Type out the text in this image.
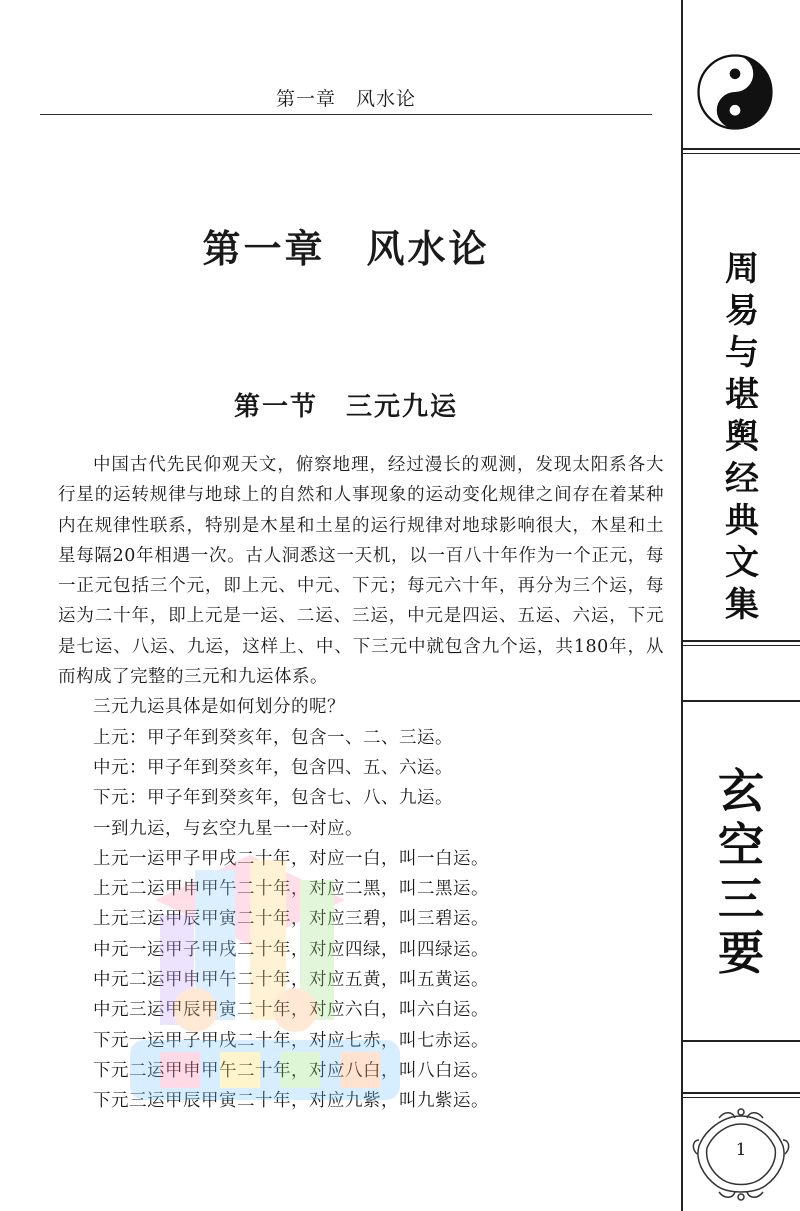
第一章　风水论
第一章　风水论
第一节　三元九运

中国古代先民仰观天文，俯察地理，经过漫长的观测，发现太阳系各大行星的运转规律与地球上的自然和人事现象的运动变化规律之间存在着某种内在规律性联系，特别是木星和土星的运行规律对地球影响很大，木星和土星每隔20年相遇一次。古人洞悉这一天机，以一百八十年作为一个正元，每一正元包括三个元，即上元、中元、下元；每元六十年，再分为三个运，每运为二十年，即上元是一运、二运、三运，中元是四运、五运、六运，下元是七运、八运、九运，这样上、中、下三元中就包含九个运，共180年，从而构成了完整的三元和九运体系。

三元九运具体是如何划分的呢？

上元：甲子年到癸亥年，包含一、二、三运。

中元：甲子年到癸亥年，包含四、五、六运。

下元：甲子年到癸亥年，包含七、八、九运。

一到九运，与玄空九星一一对应。

上元一运甲子甲戌二十年，对应一白，叫一白运。

上元二运甲申甲午二十年，对应二黑，叫二黑运。

上元三运甲辰甲寅二十年，对应三碧，叫三碧运。

中元一运甲子甲戌二十年，对应四绿，叫四绿运。

中元二运甲申甲午二十年，对应五黄，叫五黄运。

中元三运甲辰甲寅二十年，对应六白，叫六白运。

下元一运甲子甲戌二十年，对应七赤，叫七赤运。

下元二运甲申甲午二十年，对应八白，叫八白运。

下元三运甲辰甲寅二十年，对应九紫，叫九紫运。

周易与堪舆经典文集
玄空三要
1
